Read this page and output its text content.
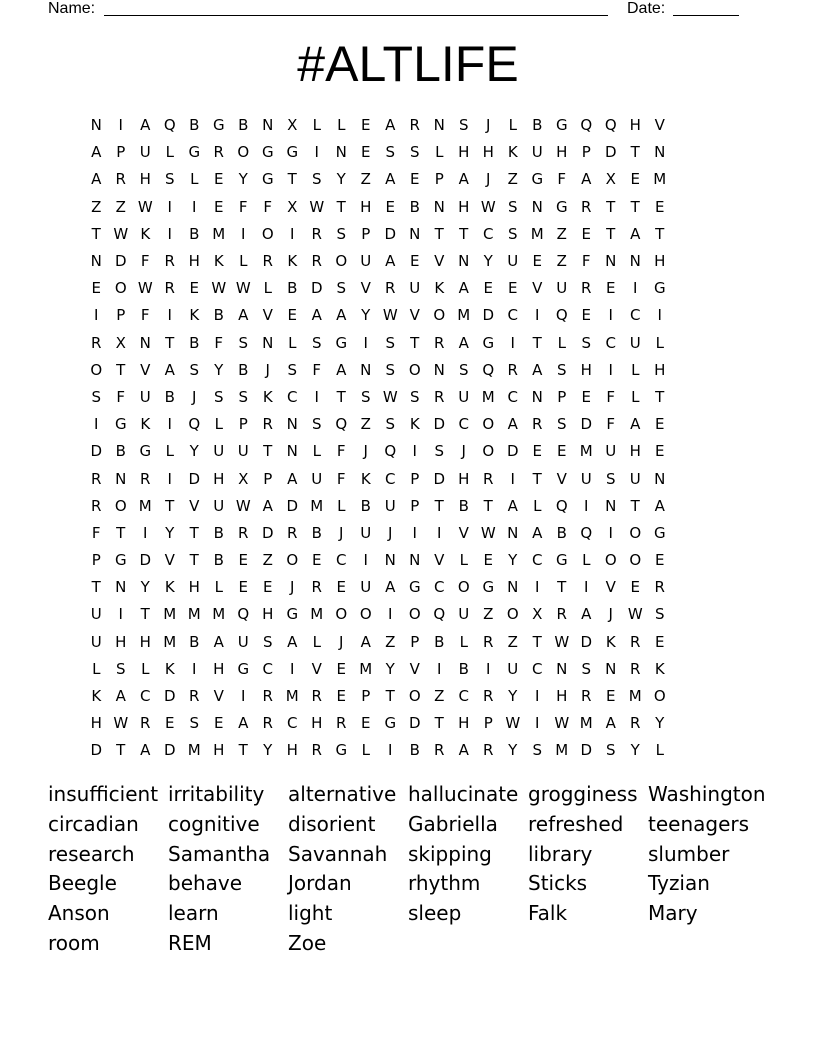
Name:	Date:
#ALTLIFE
N	I	A Q B G B N X	L	L	E A R N S	J	L	B G Q Q H V
A P U L G R O G G	I	N E	S S	L H H K U H P D T N
A R H S	L	E	Y G T	S	Y Z A E	P A	J	Z G F	A X E M
Z Z W I	I	E	F	F	X W T H E B N H W S N G R T	T	E
T W K	I	B M	I	O	I	R S	P D N T	T C S M Z E	T A T
N D F R H K	L	R K R O U A E V N Y U E Z	F N N H
E O W R E W W L	B D S V R U K A E	E V U R E	I	G
I	P	F	I	K B A V E A A Y W V O M D C	I	Q E	I	C	I
R X N T B	F	S N L	S G	I	S	T R A G	I	T	L	S C U L
O T V A S	Y B	J	S	F	A N S O N S Q R A S H	I	L H
S	F U B	J	S S K C	I	T	S W S R U M C N P	E	F	L	T
I	G K	I	Q L	P R N S Q Z S K D C O A R S D F	A E
D B G L	Y U U T N L	F	J	Q	I	S	J	O D E	E M U H E
R N R	I	D H X P A U F	K C P D H R	I	T V U S U N
R O M T V U W A D M L	B U P	T B T A	L Q	I	N T A
F	T	I	Y	T B R D R B	J	U	J	I	I	V W N A B Q	I	O G
P G D V T B E Z O E C	I	N N V	L	E	Y C G L O O E
T N Y	K H L	E	E	J	R E U A G C O G N	I	T	I	V E R
U	I	T M M M Q H G M O O	I	O Q U Z O X R A	J W S
U H H M B A U S A	L	J	A Z P B	L	R Z T W D K R E
L	S	L	K	I	H G C	I	V E M Y V	I	B	I	U C N S N R K
K A C D R V	I	R M R E	P	T O Z C R Y	I	H R E M O
H W R E	S E A R C H R E G D T H P W I W M A R Y
D T A D M H T	Y H R G L	I	B R A R Y	S M D S	Y	L
insufficient irritability	alternative hallucinate grogginess Washington
circadian	cognitive	disorient	Gabriella	refreshed	teenagers
research	Samantha Savannah	skipping	library	slumber
Beegle	behave	Jordan	rhythm	Sticks	Tyzian
Anson	learn	light	sleep	Falk	Mary
room	REM	Zoe
